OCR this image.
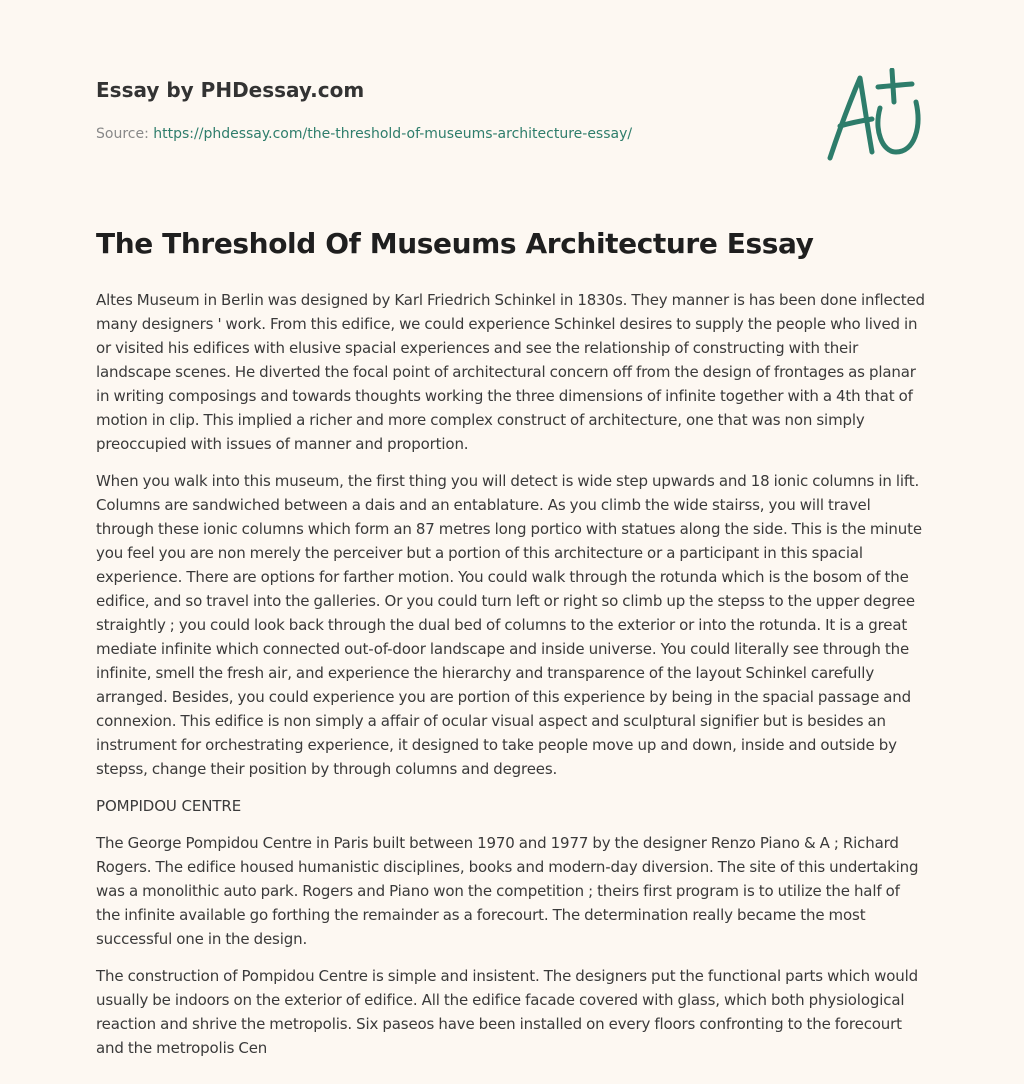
Essay by PHDessay.com
Source: https://phdessay.com/the-threshold-of-museums-architecture-essay/
The Threshold Of Museums Architecture Essay

Altes Museum in Berlin was designed by Karl Friedrich Schinkel in 1830s. They manner is has been done inflected many designers ' work. From this edifice, we could experience Schinkel desires to supply the people who lived in or visited his edifices with elusive spacial experiences and see the relationship of constructing with their landscape scenes. He diverted the focal point of architectural concern off from the design of frontages as planar in writing composings and towards thoughts working the three dimensions of infinite together with a 4th that of motion in clip. This implied a richer and more complex construct of architecture, one that was non simply preoccupied with issues of manner and proportion.

When you walk into this museum, the first thing you will detect is wide step upwards and 18 ionic columns in lift. Columns are sandwiched between a dais and an entablature. As you climb the wide stairss, you will travel through these ionic columns which form an 87 metres long portico with statues along the side. This is the minute you feel you are non merely the perceiver but a portion of this architecture or a participant in this spacial experience. There are options for farther motion. You could walk through the rotunda which is the bosom of the edifice, and so travel into the galleries. Or you could turn left or right so climb up the stepss to the upper degree straightly ; you could look back through the dual bed of columns to the exterior or into the rotunda. It is a great mediate infinite which connected out-of-door landscape and inside universe. You could literally see through the infinite, smell the fresh air, and experience the hierarchy and transparence of the layout Schinkel carefully arranged. Besides, you could experience you are portion of this experience by being in the spacial passage and connexion. This edifice is non simply a affair of ocular visual aspect and sculptural signifier but is besides an instrument for orchestrating experience, it designed to take people move up and down, inside and outside by stepss, change their position by through columns and degrees.

POMPIDOU CENTRE

The George Pompidou Centre in Paris built between 1970 and 1977 by the designer Renzo Piano & A ; Richard Rogers. The edifice housed humanistic disciplines, books and modern-day diversion. The site of this undertaking was a monolithic auto park. Rogers and Piano won the competition ; theirs first program is to utilize the half of the infinite available go forthing the remainder as a forecourt. The determination really became the most successful one in the design.

The construction of Pompidou Centre is simple and insistent. The designers put the functional parts which would usually be indoors on the exterior of edifice. All the edifice facade covered with glass, which both physiological reaction and shrive the metropolis. Six paseos have been installed on every floors confronting to the forecourt and the metropolis Cen
